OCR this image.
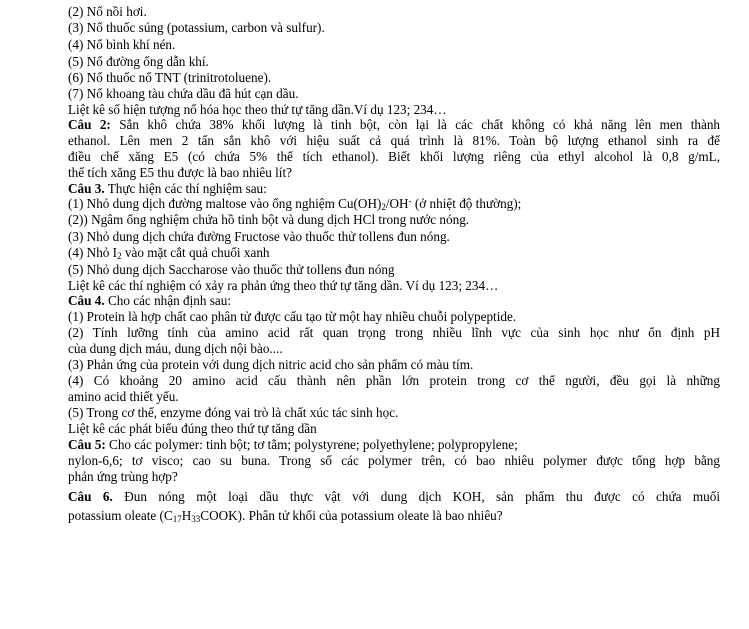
(2) Nổ nồi hơi.
(3) Nổ thuốc súng (potassium, carbon và sulfur).
(4) Nổ bình khí nén.
(5) Nổ đường ống dẫn khí.
(6) Nổ thuốc nổ TNT (trinitrotoluene).
(7) Nổ khoang tàu chứa dầu đã hút cạn dầu.
Liệt kê số hiện tượng nổ hóa học theo thứ tự tăng dần.Ví dụ 123; 234…
Câu 2: Sắn khô chứa 38% khối lượng là tinh bột, còn lại là các chất không có khả năng lên men thành
ethanol. Lên men 2 tấn sắn khô với hiệu suất cả quá trình là 81%. Toàn bộ lượng ethanol sinh ra để
điều chế xăng E5 (có chứa 5% thể tích ethanol). Biết khối lượng riêng của ethyl alcohol là 0,8 g/mL,
thể tích xăng E5 thu được là bao nhiêu lít?
Câu 3. Thực hiện các thí nghiệm sau:
(1) Nhỏ dung dịch đường maltose vào ống nghiệm $Cu(OH)_2/OH^-$ (ở nhiệt độ thường);
(2)) Ngâm ống nghiệm chứa hồ tinh bột và dung dịch HCl trong nước nóng.
(3) Nhỏ dung dịch chứa đường Fructose vào thuốc thử tollens đun nóng.
(4) Nhỏ $I_2$ vào mặt cắt quả chuối xanh
(5) Nhỏ dung dịch Saccharose vào thuốc thử tollens đun nóng
Liệt kê các thí nghiệm có xảy ra phản ứng theo thứ tự tăng dần. Ví dụ 123; 234…
Câu 4. Cho các nhận định sau:
(1) Protein là hợp chất cao phân tử được cấu tạo từ một hay nhiều chuỗi polypeptide.
(2) Tính lưỡng tính của amino acid rất quan trọng trong nhiều lĩnh vực của sinh học như ổn định pH
của dung dịch máu, dung dịch nội bào....
(3) Phản ứng của protein với dung dịch nitric acid cho sản phẩm có màu tím.
(4) Có khoảng 20 amino acid cấu thành nên phần lớn protein trong cơ thể người, đều gọi là những
amino acid thiết yếu.
(5) Trong cơ thể, enzyme đóng vai trò là chất xúc tác sinh học.
Liệt kê các phát biểu đúng theo thứ tự tăng dần
Câu 5: Cho các polymer: tinh bột; tơ tằm; polystyrene; polyethylene; polypropylene;
nylon-6,6; tơ visco; cao su buna. Trong số các polymer trên, có bao nhiêu polymer được tổng hợp bằng
phản ứng trùng hợp?
Câu 6. Đun nóng một loại dầu thực vật với dung dịch KOH, sản phẩm thu được có chứa muối
potassium oleate $(C_{17}H_{33}COOK)$. Phân tử khối của potassium oleate là bao nhiêu?
